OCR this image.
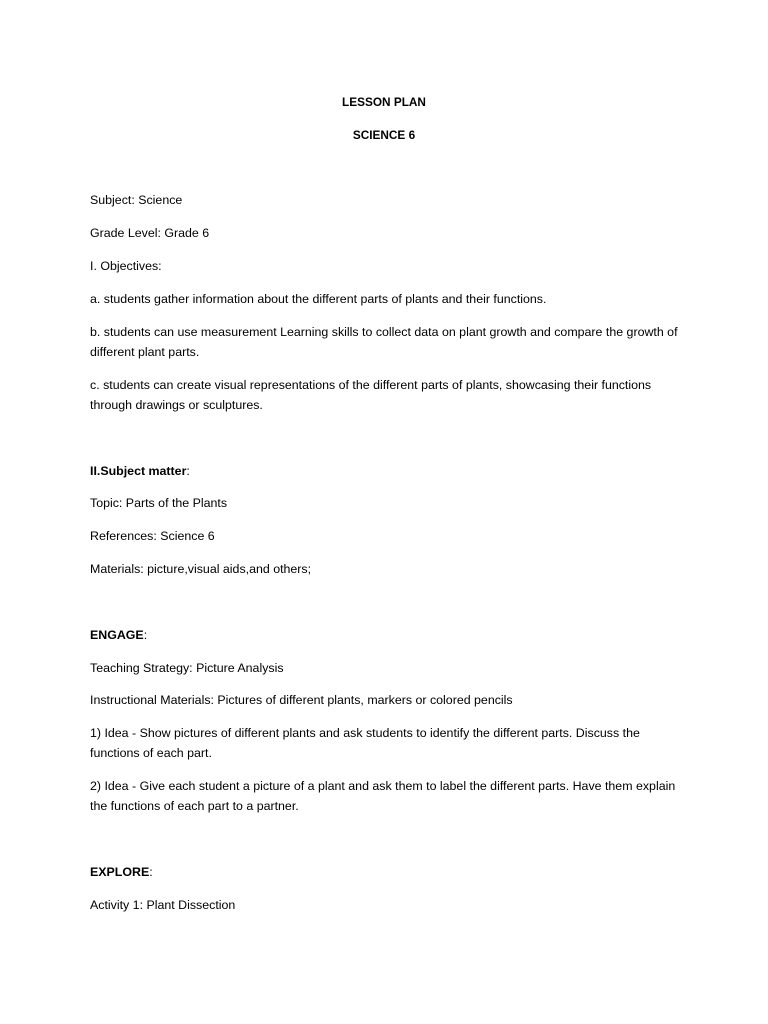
LESSON PLAN

SCIENCE 6

Subject: Science

Grade Level: Grade 6

I. Objectives:

a. students gather information about the different parts of plants and their functions.

b. students can use measurement Learning skills to collect data on plant growth and compare the growth of different plant parts.

c. students can create visual representations of the different parts of plants, showcasing their functions through drawings or sculptures.

II.Subject matter:

Topic: Parts of the Plants

References: Science 6

Materials: picture,visual aids,and others;

ENGAGE:

Teaching Strategy: Picture Analysis

Instructional Materials: Pictures of different plants, markers or colored pencils

1) Idea - Show pictures of different plants and ask students to identify the different parts. Discuss the functions of each part.

2) Idea - Give each student a picture of a plant and ask them to label the different parts. Have them explain the functions of each part to a partner.

EXPLORE:

Activity 1: Plant Dissection
